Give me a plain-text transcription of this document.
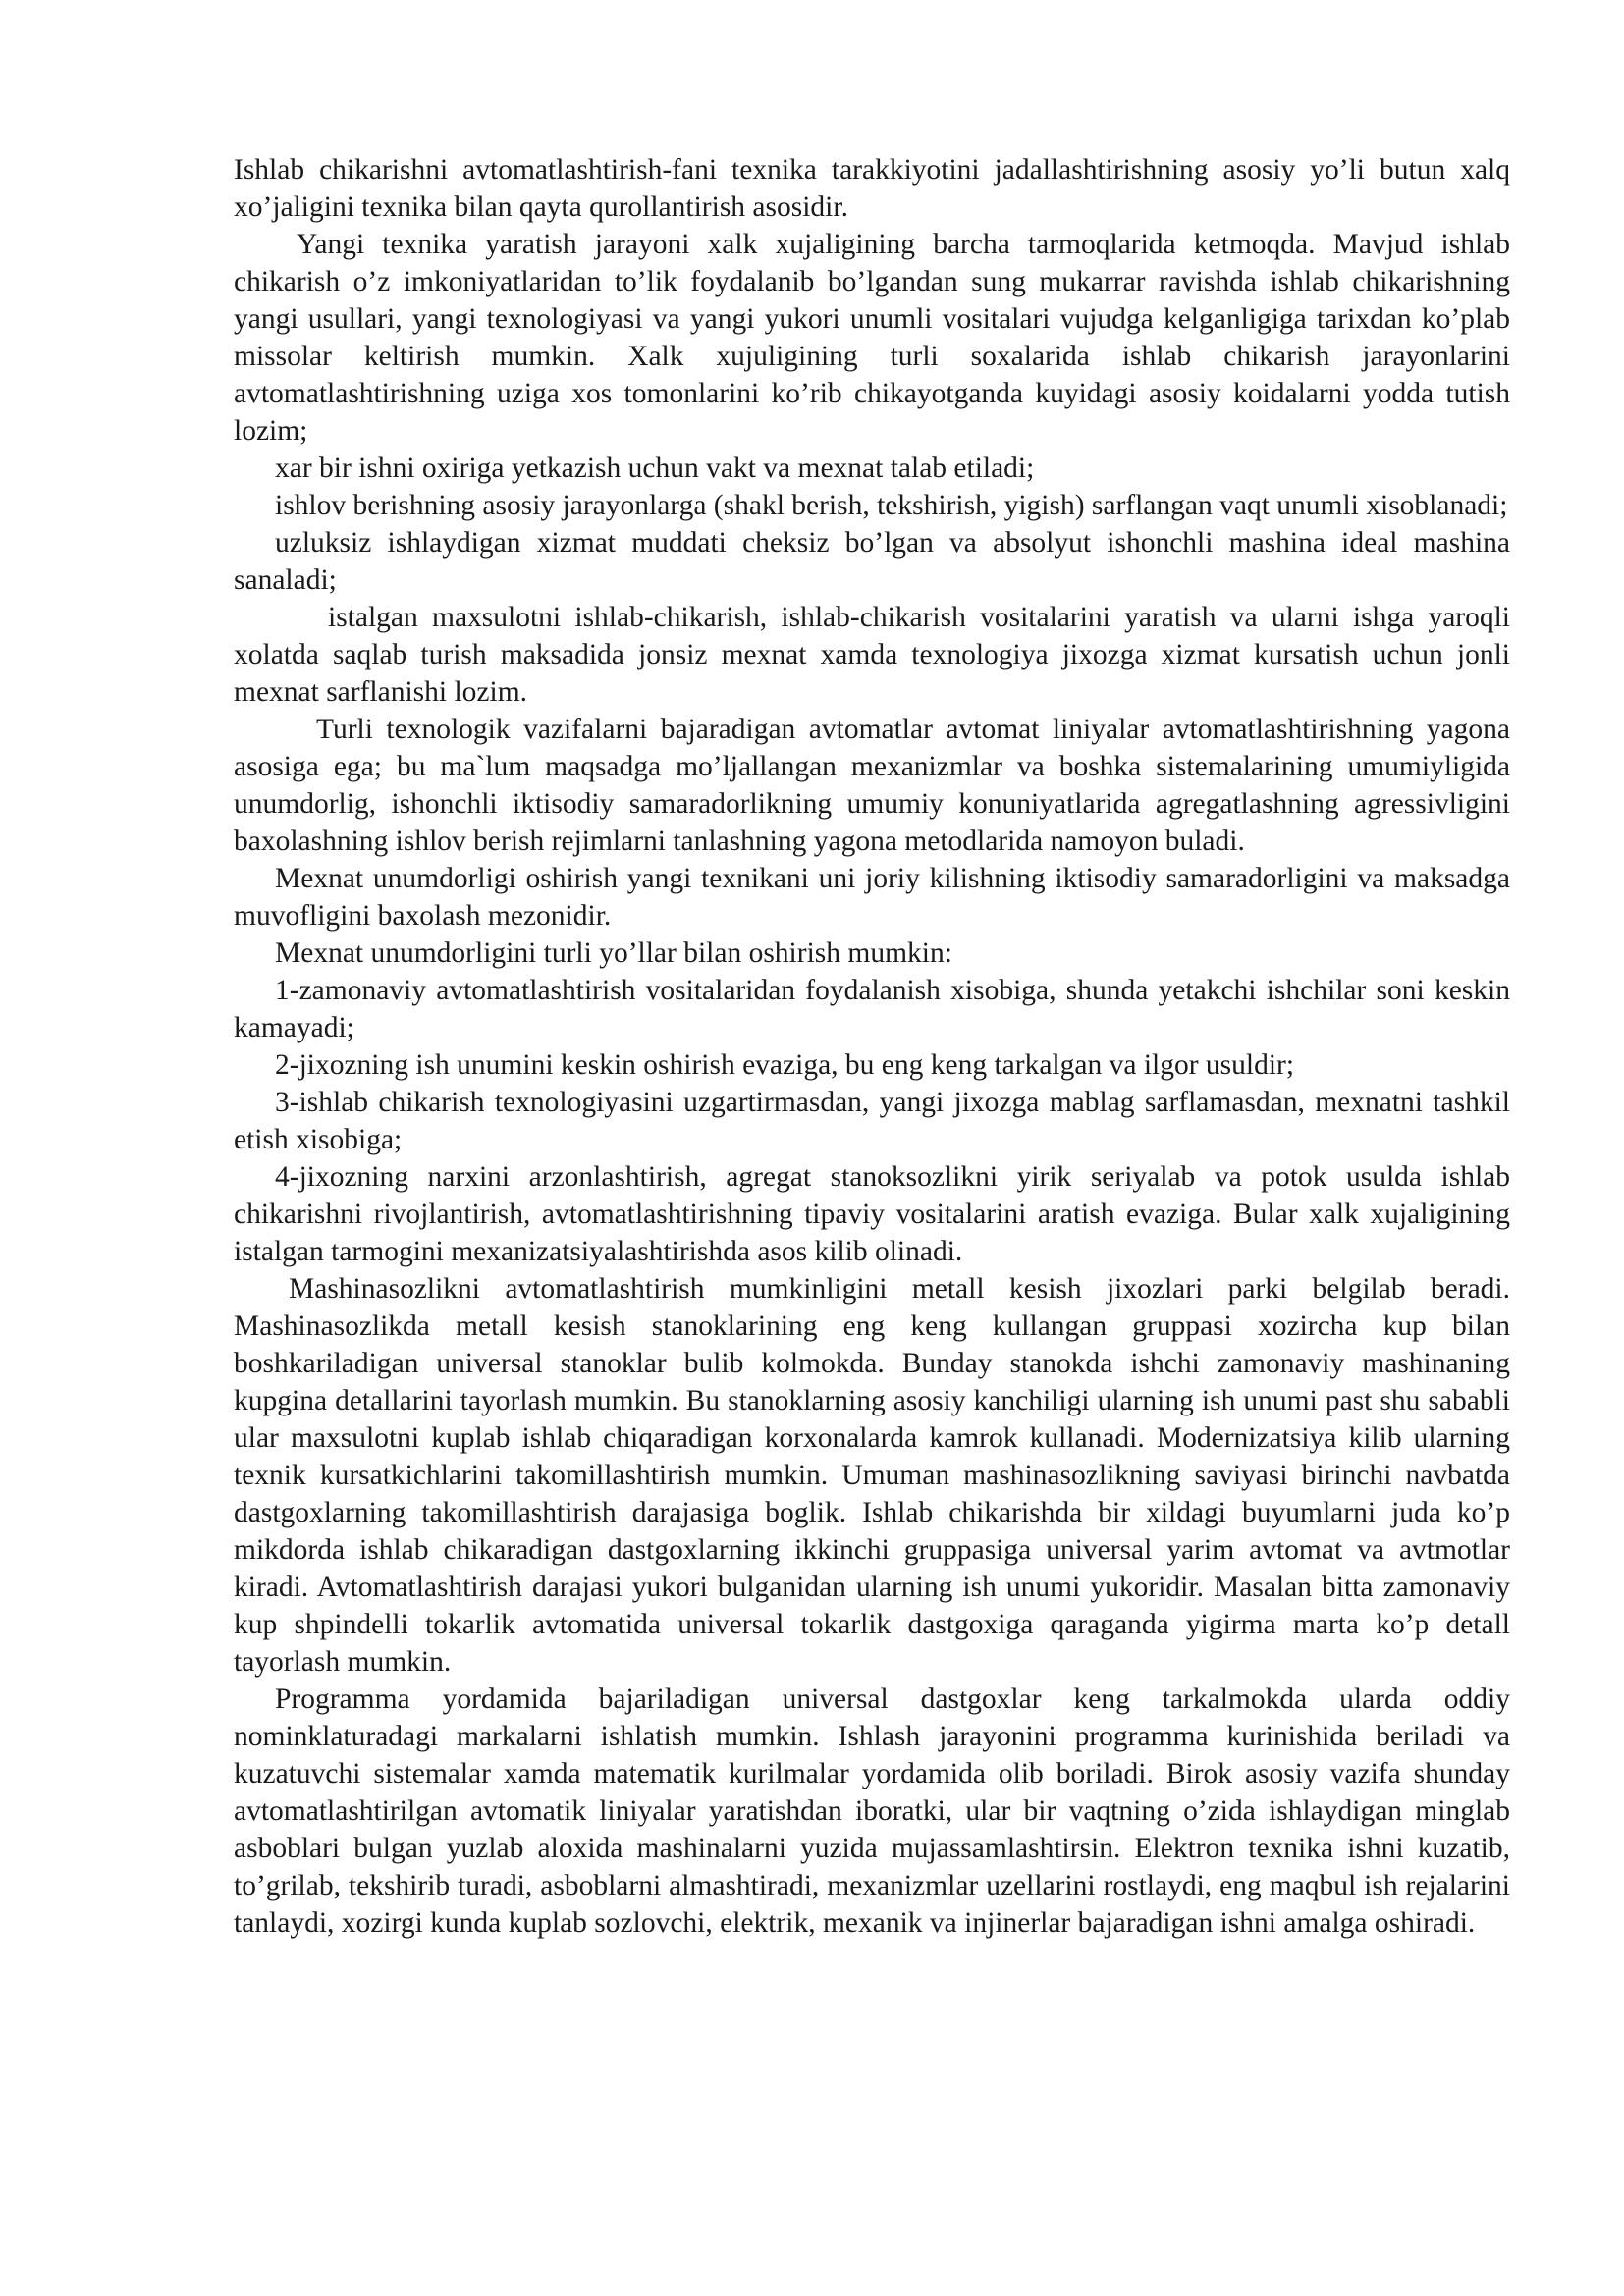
Ishlab chikarishni avtomatlashtirish-fani texnika tarakkiyotini jadallashtirishning asosiy yo’li butun xalq xo’jaligini texnika bilan qayta qurollantirish asosidir.

Yangi texnika yaratish jarayoni xalk xujaligining barcha tarmoqlarida ketmoqda. Mavjud ishlab chikarish o’z imkoniyatlaridan to’lik foydalanib bo’lgandan sung mukarrar ravishda ishlab chikarishning yangi usullari, yangi texnologiyasi va yangi yukori unumli vositalari vujudga kelganligiga tarixdan ko’plab missolar keltirish mumkin. Xalk xujuligining turli soxalarida ishlab chikarish jarayonlarini avtomatlashtirishning uziga xos tomonlarini ko’rib chikayotganda kuyidagi asosiy koidalarni yodda tutish lozim;

xar bir ishni oxiriga yetkazish uchun vakt va mexnat talab etiladi;

ishlov berishning asosiy jarayonlarga (shakl berish, tekshirish, yigish) sarflangan vaqt unumli xisoblanadi;

uzluksiz ishlaydigan xizmat muddati cheksiz bo’lgan va absolyut ishonchli mashina ideal mashina sanaladi;

istalgan maxsulotni ishlab-chikarish, ishlab-chikarish vositalarini yaratish va ularni ishga yaroqli xolatda saqlab turish maksadida jonsiz mexnat xamda texnologiya jixozga xizmat kursatish uchun jonli mexnat sarflanishi lozim.

Turli texnologik vazifalarni bajaradigan avtomatlar avtomat liniyalar avtomatlashtirishning yagona asosiga ega; bu ma`lum maqsadga mo’ljallangan mexanizmlar va boshka sistemalarining umumiyligida unumdorlig, ishonchli iktisodiy samaradorlikning umumiy konuniyatlarida agregatlashning agressivligini baxolashning ishlov berish rejimlarni tanlashning yagona metodlarida namoyon buladi.

Mexnat unumdorligi oshirish yangi texnikani uni joriy kilishning iktisodiy samaradorligini va maksadga muvofligini baxolash mezonidir.

Mexnat unumdorligini turli yo’llar bilan oshirish mumkin:

1-zamonaviy avtomatlashtirish vositalaridan foydalanish xisobiga, shunda yetakchi ishchilar soni keskin kamayadi;

2-jixozning ish unumini keskin oshirish evaziga, bu eng keng tarkalgan va ilgor usuldir;

3-ishlab chikarish texnologiyasini uzgartirmasdan, yangi jixozga mablag sarflamasdan, mexnatni tashkil etish xisobiga;

4-jixozning narxini arzonlashtirish, agregat stanoksozlikni yirik seriyalab va potok usulda ishlab chikarishni rivojlantirish, avtomatlashtirishning tipaviy vositalarini aratish evaziga. Bular xalk xujaligining istalgan tarmogini mexanizatsiyalashtirishda asos kilib olinadi.

Mashinasozlikni avtomatlashtirish mumkinligini metall kesish jixozlari parki belgilab beradi. Mashinasozlikda metall kesish stanoklarining eng keng kullangan gruppasi xozircha kup bilan boshkariladigan universal stanoklar bulib kolmokda. Bunday stanokda ishchi zamonaviy mashinaning kupgina detallarini tayorlash mumkin. Bu stanoklarning asosiy kanchiligi ularning ish unumi past shu sababli ular maxsulotni kuplab ishlab chiqaradigan korxonalarda kamrok kullanadi. Modernizatsiya kilib ularning texnik kursatkichlarini takomillashtirish mumkin. Umuman mashinasozlikning saviyasi birinchi navbatda dastgoxlarning takomillashtirish darajasiga boglik. Ishlab chikarishda bir xildagi buyumlarni juda ko’p mikdorda ishlab chikaradigan dastgoxlarning ikkinchi gruppasiga universal yarim avtomat va avtmotlar kiradi. Avtomatlashtirish darajasi yukori bulganidan ularning ish unumi yukoridir. Masalan bitta zamonaviy kup shpindelli tokarlik avtomatida universal tokarlik dastgoxiga qaraganda yigirma marta ko’p detall tayorlash mumkin.

Programma yordamida bajariladigan universal dastgoxlar keng tarkalmokda ularda oddiy nominklaturadagi markalarni ishlatish mumkin. Ishlash jarayonini programma kurinishida beriladi va kuzatuvchi sistemalar xamda matematik kurilmalar yordamida olib boriladi. Birok asosiy vazifa shunday avtomatlashtirilgan avtomatik liniyalar yaratishdan iboratki, ular bir vaqtning o’zida ishlaydigan minglab asboblari bulgan yuzlab aloxida mashinalarni yuzida mujassamlashtirsin. Elektron texnika ishni kuzatib, to’grilab, tekshirib turadi, asboblarni almashtiradi, mexanizmlar uzellarini rostlaydi, eng maqbul ish rejalarini tanlaydi, xozirgi kunda kuplab sozlovchi, elektrik, mexanik va injinerlar bajaradigan ishni amalga oshiradi.
